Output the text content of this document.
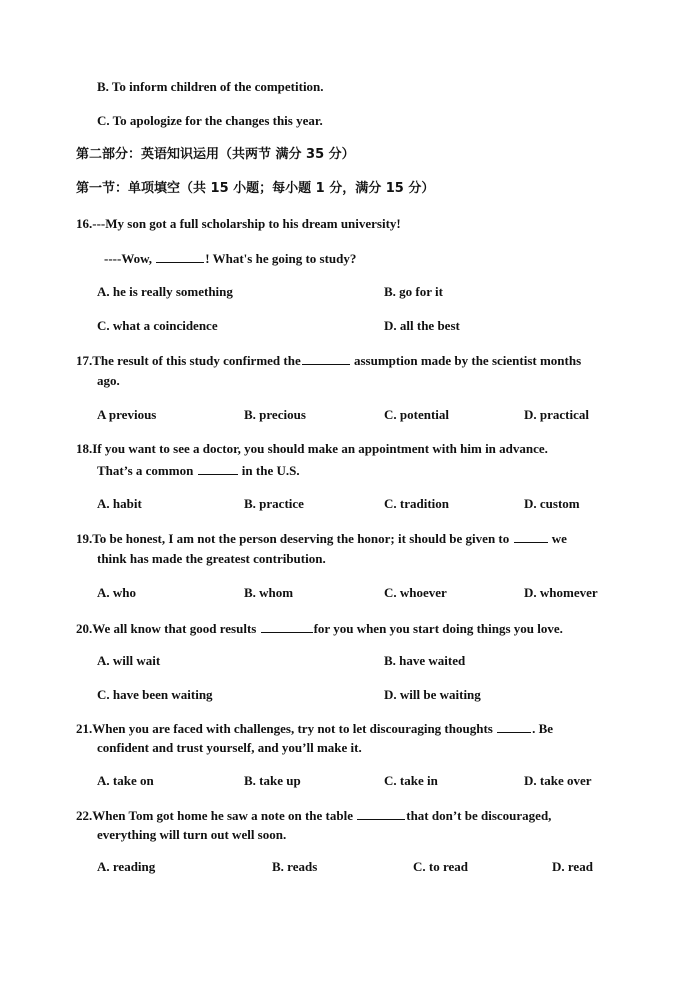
B. To inform children of the competition.
C. To apologize for the changes this year.
第二部分：英语知识运用（共两节 满分 35 分）
第一节：单项填空（共 15 小题；每小题 1 分，满分 15 分）
16.---My son got a full scholarship to his dream university!
----Wow,	! What's he going to study?
A. he is really something	B. go for it
C. what a coincidence	D. all the best
17.The result of this study confirmed the	assumption made by the scientist months
ago.
A previous	B. precious	C. potential	D. practical
18.If you want to see a doctor, you should make an appointment with him in advance.
That’s a common	in the U.S.
A. habit	B. practice	C. tradition	D. custom
19.To be honest, I am not the person deserving the honor; it should be given to	we
think has made the greatest contribution.
A. who	B. whom	C. whoever	D. whomever
20.We all know that good results	for you when you start doing things you love.
A. will wait	B. have waited
C. have been waiting	D. will be waiting
21.When you are faced with challenges, try not to let discouraging thoughts	. Be
confident and trust yourself, and you’ll make it.
A. take on	B. take up	C. take in	D. take over
22.When Tom got home he saw a note on the table	that don’t be discouraged,
everything will turn out well soon.
A. reading	B. reads	C. to read	D. read
